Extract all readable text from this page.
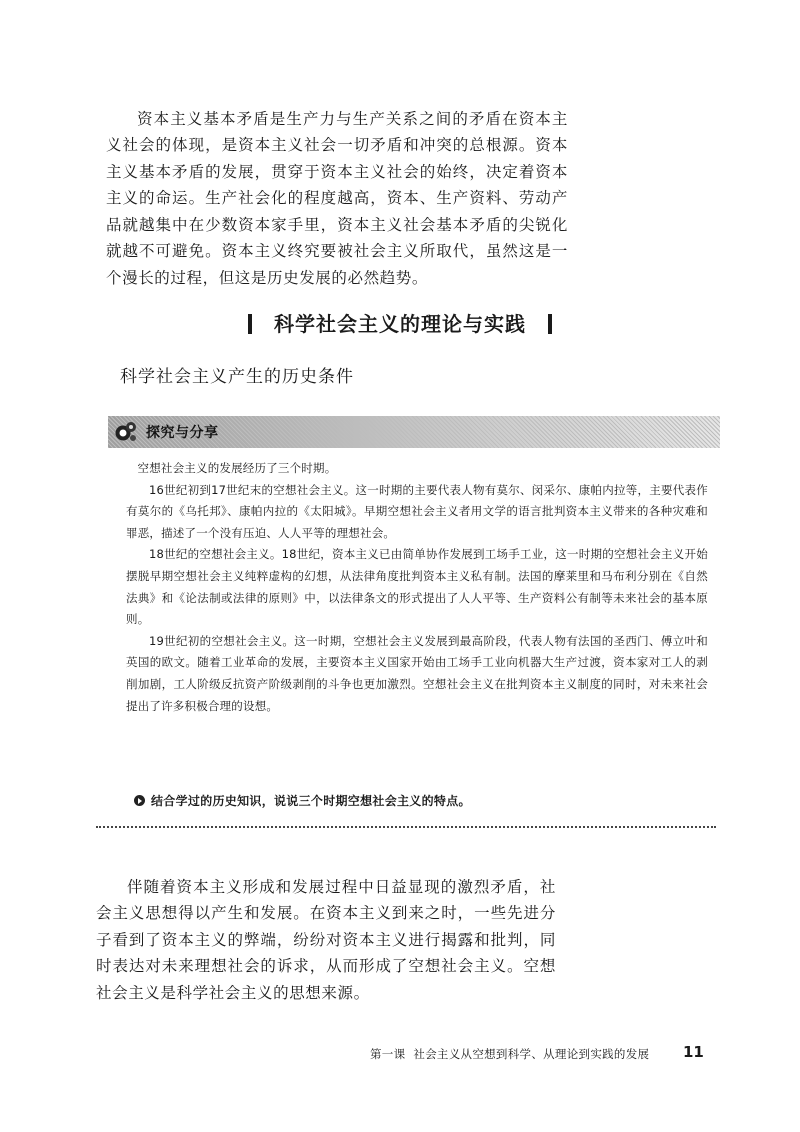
资本主义基本矛盾是生产力与生产关系之间的矛盾在资本主义社会的体现，是资本主义社会一切矛盾和冲突的总根源。资本主义基本矛盾的发展，贯穿于资本主义社会的始终，决定着资本主义的命运。生产社会化的程度越高，资本、生产资料、劳动产品就越集中在少数资本家手里，资本主义社会基本矛盾的尖锐化就越不可避免。资本主义终究要被社会主义所取代，虽然这是一个漫长的过程，但这是历史发展的必然趋势。

科学社会主义的理论与实践
科学社会主义产生的历史条件
探究与分享

空想社会主义的发展经历了三个时期。

16世纪初到17世纪末的空想社会主义。这一时期的主要代表人物有莫尔、闵采尔、康帕内拉等，主要代表作有莫尔的《乌托邦》、康帕内拉的《太阳城》。早期空想社会主义者用文学的语言批判资本主义带来的各种灾难和罪恶，描述了一个没有压迫、人人平等的理想社会。

18世纪的空想社会主义。18世纪，资本主义已由简单协作发展到工场手工业，这一时期的空想社会主义开始摆脱早期空想社会主义纯粹虚构的幻想，从法律角度批判资本主义私有制。法国的摩莱里和马布利分别在《自然法典》和《论法制或法律的原则》中，以法律条文的形式提出了人人平等、生产资料公有制等未来社会的基本原则。

19世纪初的空想社会主义。这一时期，空想社会主义发展到最高阶段，代表人物有法国的圣西门、傅立叶和英国的欧文。随着工业革命的发展，主要资本主义国家开始由工场手工业向机器大生产过渡，资本家对工人的剥削加剧，工人阶级反抗资产阶级剥削的斗争也更加激烈。空想社会主义在批判资本主义制度的同时，对未来社会提出了许多积极合理的设想。

结合学过的历史知识，说说三个时期空想社会主义的特点。

伴随着资本主义形成和发展过程中日益显现的激烈矛盾，社会主义思想得以产生和发展。在资本主义到来之时，一些先进分子看到了资本主义的弊端，纷纷对资本主义进行揭露和批判，同时表达对未来理想社会的诉求，从而形成了空想社会主义。空想社会主义是科学社会主义的思想来源。

第一课 社会主义从空想到科学、从理论到实践的发展 11
